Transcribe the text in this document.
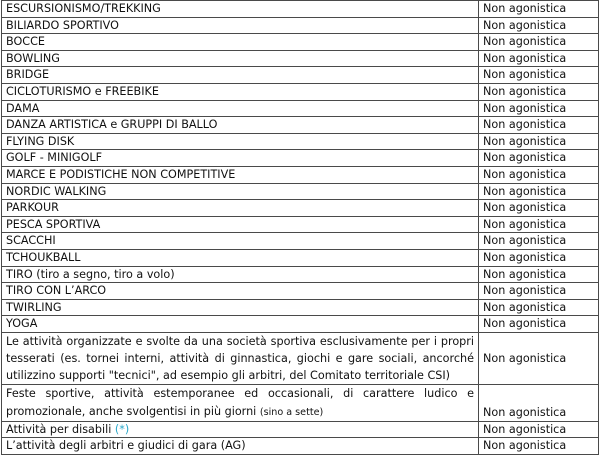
ESCURSIONISMO/TREKKING	Non agonistica
BILIARDO SPORTIVO	Non agonistica
BOCCE	Non agonistica
BOWLING	Non agonistica
BRIDGE	Non agonistica
CICLOTURISMO e FREEBIKE	Non agonistica
DAMA	Non agonistica
DANZA ARTISTICA e GRUPPI DI BALLO	Non agonistica
FLYING DISK	Non agonistica
GOLF - MINIGOLF	Non agonistica
MARCE E PODISTICHE NON COMPETITIVE	Non agonistica
NORDIC WALKING	Non agonistica
PARKOUR	Non agonistica
PESCA SPORTIVA	Non agonistica
SCACCHI	Non agonistica
TCHOUKBALL	Non agonistica
TIRO (tiro a segno, tiro a volo)	Non agonistica
TIRO CON L’ARCO	Non agonistica
TWIRLING	Non agonistica
YOGA	Non agonistica
Le attività organizzate e svolte da una società sportiva esclusivamente per i propri tesserati (es. tornei interni, attività di ginnastica, giochi e gare sociali, ancorché utilizzino supporti "tecnici", ad esempio gli arbitri, del Comitato territoriale CSI)	Non agonistica
Feste sportive, attività estemporanee ed occasionali, di carattere ludico e promozionale, anche svolgentisi in più giorni (sino a sette)	Non agonistica
Attività per disabili (*)	Non agonistica
L’attività degli arbitri e giudici di gara (AG)	Non agonistica
